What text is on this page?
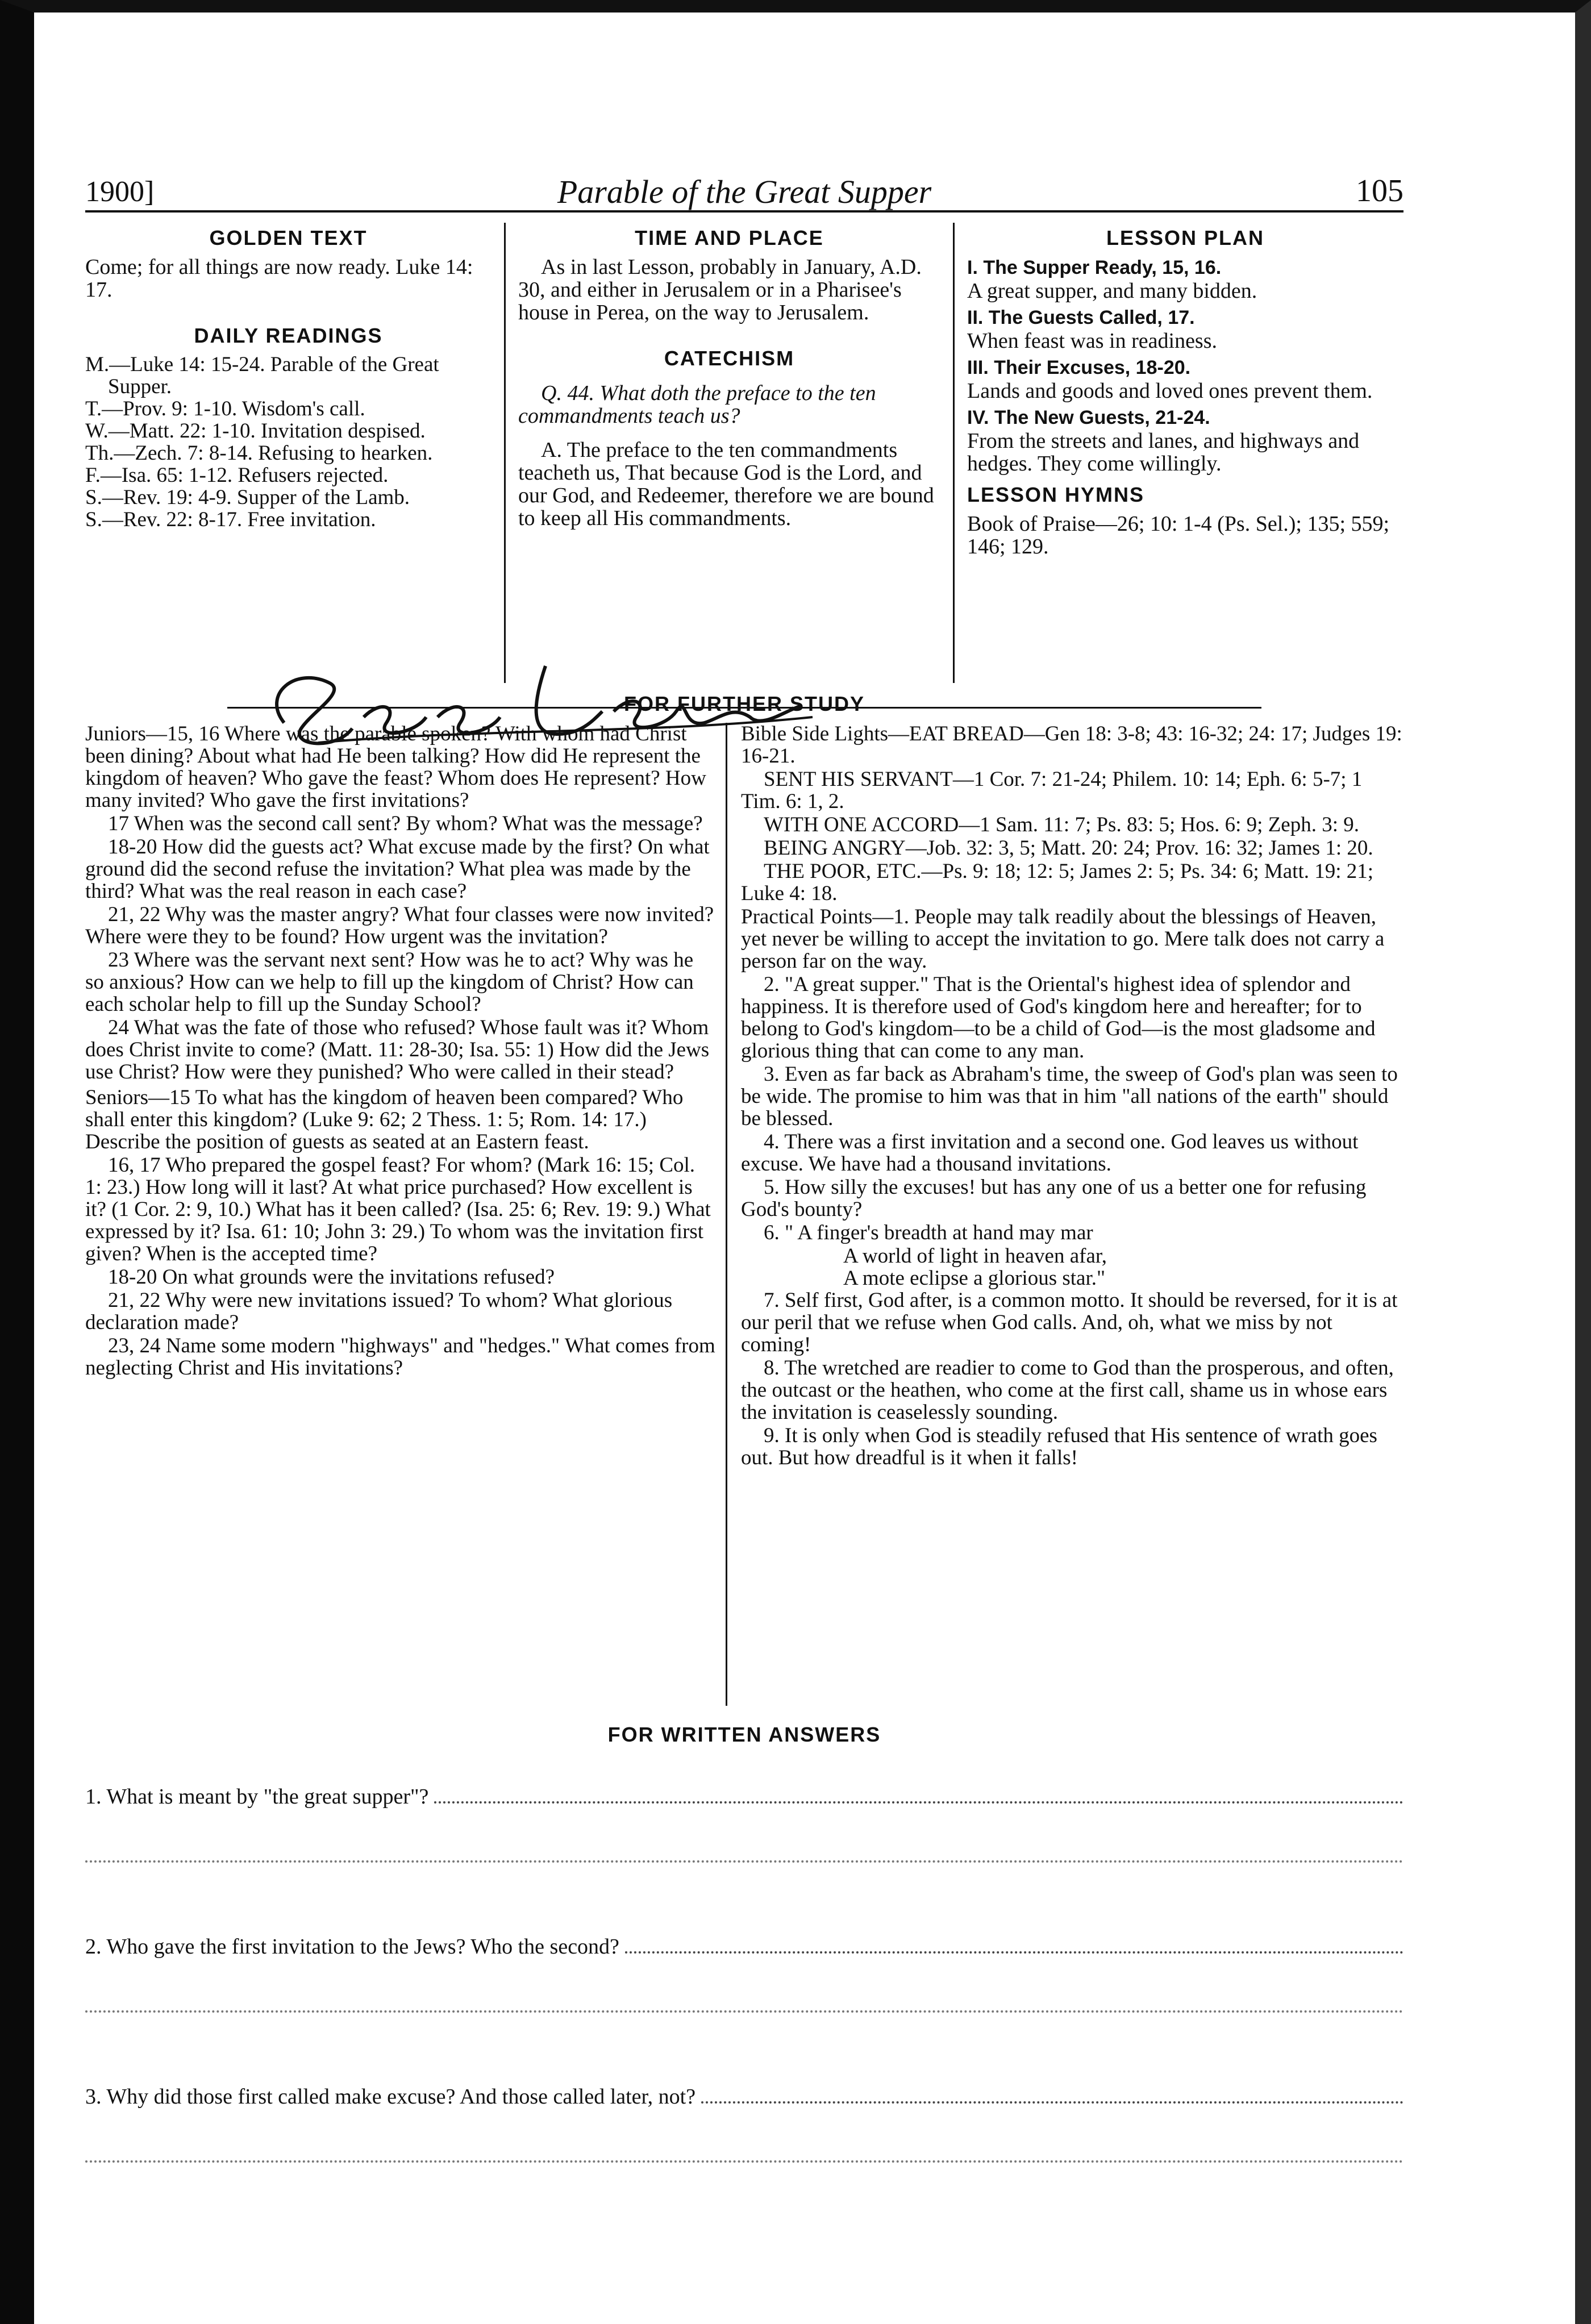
1900]	Parable of the Great Supper	105
GOLDEN TEXT

Come; for all things are now ready. Luke 14: 17.

DAILY READINGS
M.—Luke 14: 15-24. Parable of the Great Supper.
T.—Prov. 9: 1-10. Wisdom's call.
W.—Matt. 22: 1-10. Invitation despised.
Th.—Zech. 7: 8-14. Refusing to hearken.
F.—Isa. 65: 1-12. Refusers rejected.
S.—Rev. 19: 4-9. Supper of the Lamb.
S.—Rev. 22: 8-17. Free invitation.
TIME AND PLACE

As in last Lesson, probably in January, A.D. 30, and either in Jerusalem or in a Pharisee's house in Perea, on the way to Jerusalem.

CATECHISM

Q. 44. What doth the preface to the ten commandments teach us?

A. The preface to the ten commandments teacheth us, That because God is the Lord, and our God, and Redeemer, therefore we are bound to keep all His commandments.

LESSON PLAN
I. The Supper Ready, 15, 16.
A great supper, and many bidden.
II. The Guests Called, 17.
When feast was in readiness.
III. Their Excuses, 18-20.
Lands and goods and loved ones prevent them.
IV. The New Guests, 21-24.
From the streets and lanes, and highways and hedges. They come willingly.
LESSON HYMNS

Book of Praise—26; 10: 1-4 (Ps. Sel.); 135; 559; 146; 129.

FOR FURTHER STUDY

Juniors—15, 16 Where was the parable spoken? With whom had Christ been dining? About what had He been talking? How did He represent the kingdom of heaven? Who gave the feast? Whom does He represent? How many invited? Who gave the first invitations?

17 When was the second call sent? By whom? What was the message?

18-20 How did the guests act? What excuse made by the first? On what ground did the second refuse the invitation? What plea was made by the third? What was the real reason in each case?

21, 22 Why was the master angry? What four classes were now invited? Where were they to be found? How urgent was the invitation?

23 Where was the servant next sent? How was he to act? Why was he so anxious? How can we help to fill up the kingdom of Christ? How can each scholar help to fill up the Sunday School?

24 What was the fate of those who refused? Whose fault was it? Whom does Christ invite to come? (Matt. 11: 28-30; Isa. 55: 1) How did the Jews use Christ? How were they punished? Who were called in their stead?

Seniors—15 To what has the kingdom of heaven been compared? Who shall enter this kingdom? (Luke 9: 62; 2 Thess. 1: 5; Rom. 14: 17.) Describe the position of guests as seated at an Eastern feast.

16, 17 Who prepared the gospel feast? For whom? (Mark 16: 15; Col. 1: 23.) How long will it last? At what price purchased? How excellent is it? (1 Cor. 2: 9, 10.) What has it been called? (Isa. 25: 6; Rev. 19: 9.) What expressed by it? Isa. 61: 10; John 3: 29.) To whom was the invitation first given? When is the accepted time?

18-20 On what grounds were the invitations refused?

21, 22 Why were new invitations issued? To whom? What glorious declaration made?

23, 24 Name some modern "highways" and "hedges." What comes from neglecting Christ and His invitations?

Bible Side Lights—EAT BREAD—Gen 18: 3-8; 43: 16-32; 24: 17; Judges 19: 16-21.

SENT HIS SERVANT—1 Cor. 7: 21-24; Philem. 10: 14; Eph. 6: 5-7; 1 Tim. 6: 1, 2.

WITH ONE ACCORD—1 Sam. 11: 7; Ps. 83: 5; Hos. 6: 9; Zeph. 3: 9.

BEING ANGRY—Job. 32: 3, 5; Matt. 20: 24; Prov. 16: 32; James 1: 20.

THE POOR, ETC.—Ps. 9: 18; 12: 5; James 2: 5; Ps. 34: 6; Matt. 19: 21; Luke 4: 18.

Practical Points—1. People may talk readily about the blessings of Heaven, yet never be willing to accept the invitation to go. Mere talk does not carry a person far on the way.

2. "A great supper." That is the Oriental's highest idea of splendor and happiness. It is therefore used of God's kingdom here and hereafter; for to belong to God's kingdom—to be a child of God—is the most gladsome and glorious thing that can come to any man.

3. Even as far back as Abraham's time, the sweep of God's plan was seen to be wide. The promise to him was that in him "all nations of the earth" should be blessed.

4. There was a first invitation and a second one. God leaves us without excuse. We have had a thousand invitations.

5. How silly the excuses! but has any one of us a better one for refusing God's bounty?

6. " A finger's breadth at hand may mar

A world of light in heaven afar,
A mote eclipse a glorious star."

7. Self first, God after, is a common motto. It should be reversed, for it is at our peril that we refuse when God calls. And, oh, what we miss by not coming!

8. The wretched are readier to come to God than the prosperous, and often, the outcast or the heathen, who come at the first call, shame us in whose ears the invitation is ceaselessly sounding.

9. It is only when God is steadily refused that His sentence of wrath goes out. But how dreadful is it when it falls!

FOR WRITTEN ANSWERS
1. What is meant by "the great supper"?
2. Who gave the first invitation to the Jews? Who the second?
3. Why did those first called make excuse? And those called later, not?
